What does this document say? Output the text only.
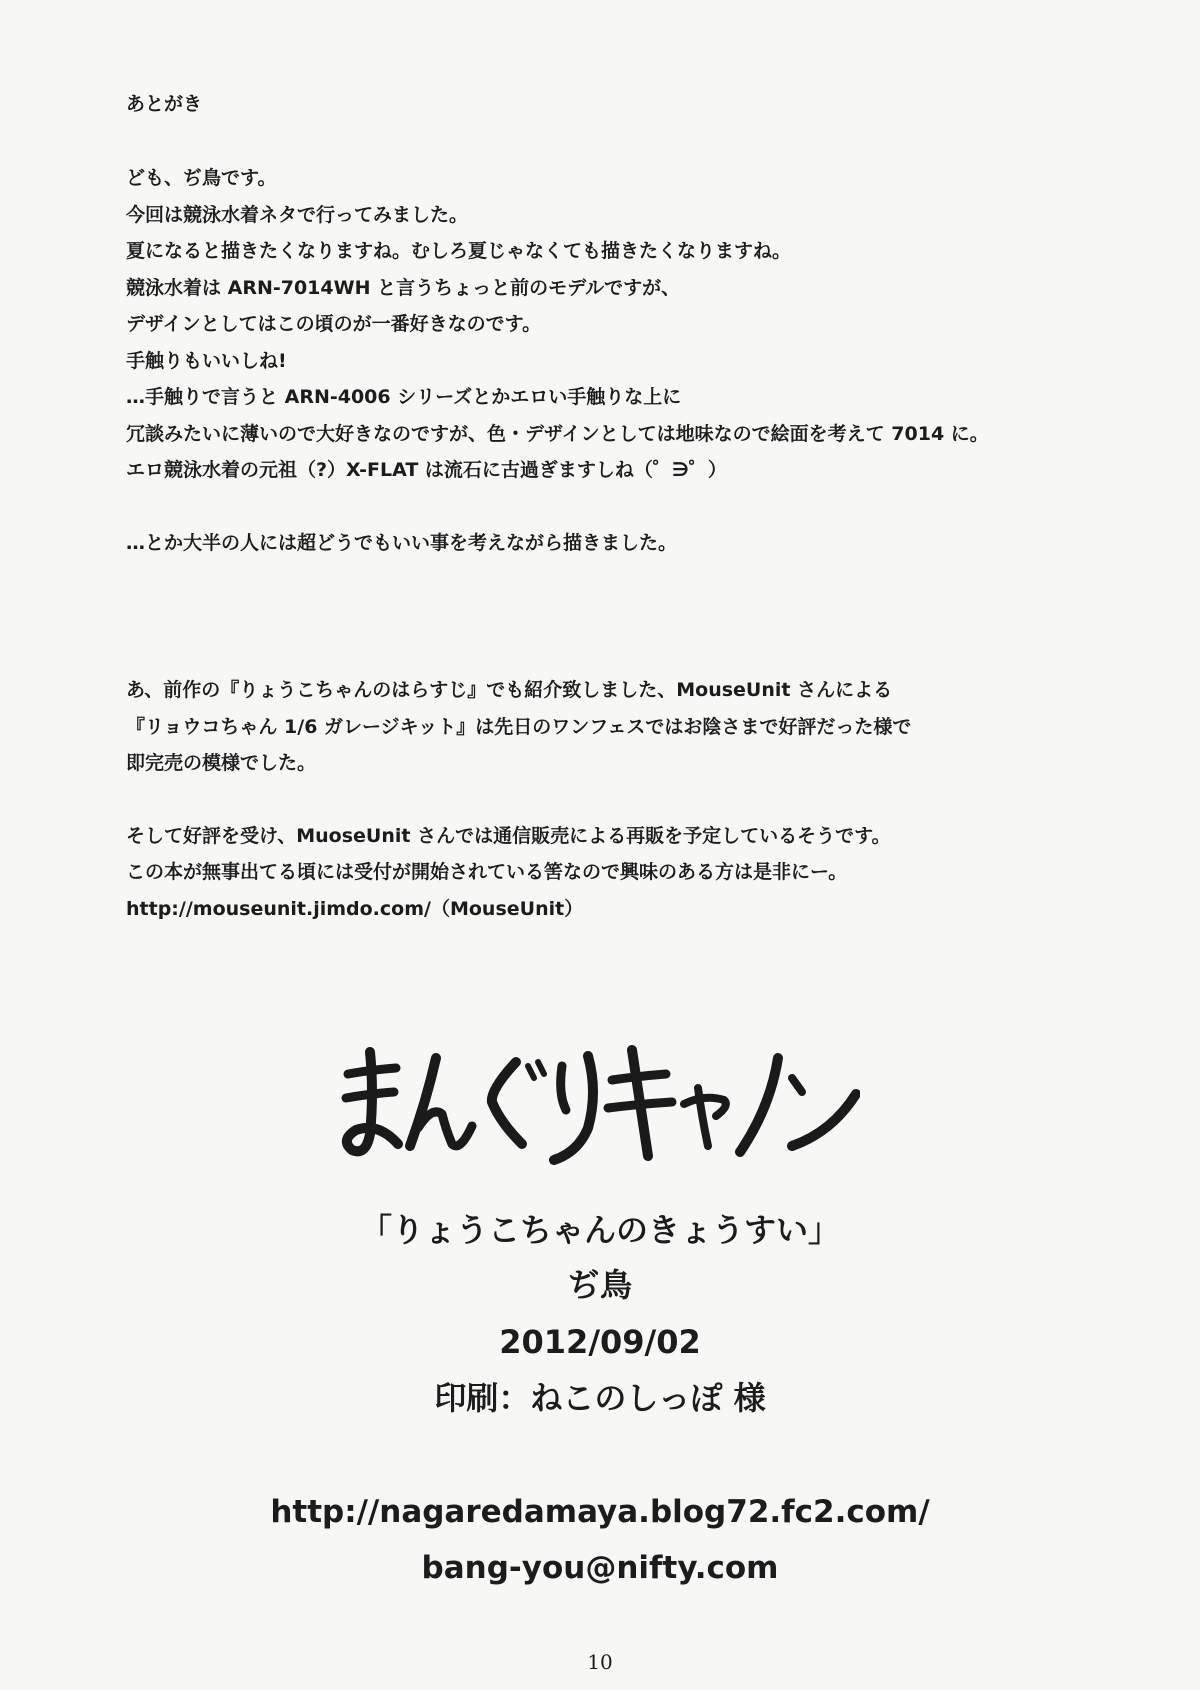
あとがき

ども、ぢ鳥です。

今回は競泳水着ネタで行ってみました。

夏になると描きたくなりますね。むしろ夏じゃなくても描きたくなりますね。

競泳水着は ARN-7014WH と言うちょっと前のモデルですが、

デザインとしてはこの頃のが一番好きなのです。

手触りもいいしね!

…手触りで言うと ARN-4006 シリーズとかエロい手触りな上に

冗談みたいに薄いので大好きなのですが、色・デザインとしては地味なので絵面を考えて 7014 に。

エロ競泳水着の元祖（?）X-FLAT は流石に古過ぎますしね（゜∋゜）

…とか大半の人には超どうでもいい事を考えながら描きました。

あ、前作の『りょうこちゃんのはらすじ』でも紹介致しました、MouseUnit さんによる

『リョウコちゃん 1/6 ガレージキット』は先日のワンフェスではお陰さまで好評だった様で

即完売の模様でした。

そして好評を受け、MuoseUnit さんでは通信販売による再販を予定しているそうです。

この本が無事出てる頃には受付が開始されている筈なので興味のある方は是非にー。

http://mouseunit.jimdo.com/（MouseUnit）

「りょうこちゃんのきょうすい」
ぢ鳥
2012/09/02
印刷：ねこのしっぽ 様
http://nagaredamaya.blog72.fc2.com/
bang-you@nifty.com
10
